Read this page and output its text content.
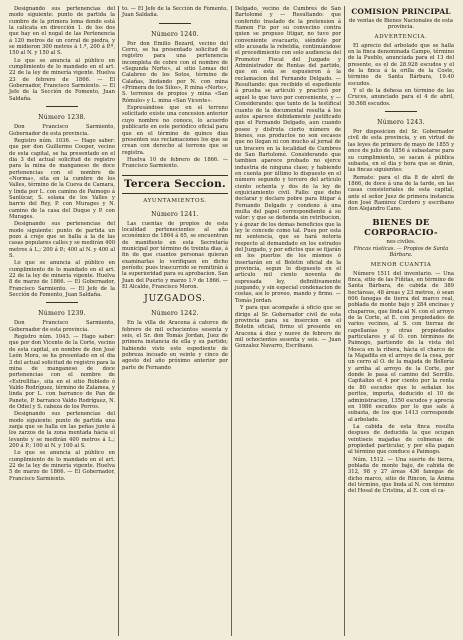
Designando sus pertenencias del modo siguiente: punto de partida la cumbre de la primera loma donde está la calicata en dirección 1. de los dos que hay en el nogal de las Pertenencia á 120 metros de un corral de piedra, y se midieron 300 metros á 1.ª, 200 á P.ª, 150 al N. y 150 al S.
Lo que se anuncia al público en cumplimiento de lo mandado en el art. 22 de la ley de minería vigente. Huelva 23 de febrero de 1866. — El Gobernador, Francisco Sarmiento. — El Jefe de la Sección de Fomento, Juan Saldaña.
Número 1238.
Don Francisco Sarmiento, Gobernador de esta provincia.
Registro núm. 1036. — Hago saber: que por don Guillermo Cooper, vecino de esta capital, se ha presentado en el dia 3 del actual solicitud de registro para la mina de manganeso de doce pertenencias con el nombre de «Norma», sita en la cumbre de los Valles, término de la Cueva de Camara, y linda por L. con camino de Paimogo á Sanlúcar, S. solana de los Valles y barrio del Rey, P. con Murages y N. camino de la casa del Duque y P. con Murages.
Designando sus pertenencias del modo siguiente: punto de partida un pozo á crejo que se halla á la de las casas populares calles y se medirán 400 metros á L.; 200 á P.; 400 al N. y 400 al S.
Lo que se anuncia al público en cumplimiento de lo mandado en el art. 22 de la ley de minería vigente. Huelva 8 de marzo de 1866. — El Gobernador, Francisco Sarmiento. — El Jefe de la Sección de Fomento, Juan Saldaña.
Número 1239.
Don Francisco Sarmiento, Gobernador de esta provincia.
Registro núm. 1043. — Hago saber: que por don Vicente de la Corte, vecino de esta capital, en nombre de don José León Mora, se ha presentado en el dia 3 del actual solicitud de registro para la mina de manganeso de doce pertenencias con el nombre de «Estrellita», sita en el sitio Robledo ó Valdo Rodríguez, término de Zalamea, y linda por L. con barranco de Pan de Panete, P. barranco Valdo Rodríguez, N. de Odiel y S. cabeza de los Perros.
Designando sus pertenencias del modo siguiente: punto de partida una zanja que se halla en las peñas junto á los zarzos de la zona mentada hácia el levante y se medirán 400 metros á L.; 200 á P.; 100 al N. y 100 al S.
Lo que se anuncia al público en cumplimiento de lo mandado en el art. 22 de la ley de minería vigente. Huelva 5 de marzo de 1866. — El Gobernador, Francisco Sarmiento.
to. — El Jefe de la Sección de Fomento, Juan Saldaña.
Número 1240.
Por don Emilio Bezard, vecino del Cerro, se ha presentado solicitud de registro para una pertenencia incompleta de cobre con el nombre de «Segunda Norte», al sitio Lomas del Calabreo de los Sotos, término de Calañas, lindando por N. con mina «Primera de los Silos», P. mina «Norte», S. terrenos de propios y mina «San Rómulo» y L. mina «San Vicente».
Espresándose que en el terreno solicitado existe una concesion anterior cuyo nombre no conoce, lo acuerdo publicarlo en este periódico oficial para que en el término de quince dias presenten sus reclamaciones los que se crean con derecho al terreno que se registra.
Huelva 10 de febrero de 1866. — Francisco Sarmiento.
Tercera Seccion.
AYUNTAMIENTOS.
Número 1241.
Las cuentas de propios de esta localidad pertenecientes al año económico de 1864 á 65, se encuentran de manifiesto en esta Secretaría municipal por término de treinta dias, á fin de que cuantos personas quieran examinarlas lo verifiquen en dicho período; pues trascurrido se remitirán á la superioridad para su aprobacion. San Juan del Puerto y marzo 1.º de 1866. — El Alcalde, Francisco Moron.
JUZGADOS.
Número 1242.
En la villa de Aracena á catorce de febrero de mil ochocientos sesenta y seis, el Sr. don Tomás Jordan, Juez de primera instancia de ella y su partido; habiendo visto este espediente de pobreza incoado en veinte y cinco de agosto del año próximo anterior por parte de Fernando
Delgado, vecino de Cumbres de San Bartolomé y — Resultando: que conferido traslado de la pretension á Ramon Fiz por su convecino contra quien se propuso litigar, no tuvo por conveniente evacuarlo, siéndole por ello acusada la rebeldía, continuándose el procedimiento con solo audiencia del Promotor Fiscal del Juzgado y Administrador de Rentas del partido, que en esta se espusieron á la reclamacion del Fernando Delgado. — Resultando: que recibido el espediente á prueba se articuló y practicó por aquel lo que tuvo por conveniente, y — Considerando: que tanto de la testifical cuanto de la documental resulta á los autos aparece debidamente justificado que el Fernando Delgado, aun cuando posee y disfruta cierto número de bienes, sus productos no son escasos que no llegan ni con mucho al jornal de un bracero en la localidad de Cumbres de San Bartolomé. Considerando que tambien aparece probado no ejerce industria de ninguna clase; y habiendo en cuenta por último lo dispuesto en el número segundo y tercero del artículo ciento ochenta y dos de la ley de enjuiciamiento civil. Fallo: que debo declarar y declaro pobre para litigar á Fernando Delgado y condeno á una multa del papel correspondiente á su valor: y que se defienda sin retribucion, y á gozar de los demas beneficios que la ley le concede como tal. Pues por esta mi sentencia, que se hará notoria respecto al demandado en los estrados del Juzgado, y por edictos que se fijarán en los puertos de los mismos ó insertarán en el Boletin oficial de la provincia, segun lo dispuesto en el artículo mil ciento noventa de espresada ley, definitivamente juzgando, y sin especial condenacion de costas, así lo proveo, mando y firmo. — Tomás Jordan.
Y para que acompañe á oficio que se dirige al Sr. Gobernador civil de esta provincia para su insercion en el Boletin oficial, firmo el presente en Aracena á diez y nueve de febrero de mil ochocientos sesenta y seis. — Juan Gonzalez Navarro, Escribano.
COMISION PRINCIPAL
de ventas de Bienes Nacionales de esta provincia.
ADVERTENCIA.
El aprecio del arbolado que se halla en la finca denominada Campo, término de la Pueblo, anunciada para el 13 del presente, es el de 28.928 escudos y el de la finca á la orilla de la Coste, término de Santa Bárbara, 19.40 escudos.
Y el de la dehesa en término de las Cruces, anunciado para el 4 de abril, 30.568 escudos.
Número 1243.
Por disposicion del Sr. Gobernador civil de esta provincia, y en virtud de las leyes de primero de mayo de 1855 y once de julio de 1856 á subastarse para su cumplimiento, se sacan á pública subasta, en el dia y hora que se dirán, las fincas siguientes:
Remate: para el dia 8 de abril de 1866, de doce á una de la tarde, en las casas consistoriales de esta capital, ante el señor Juez de primera instancia don José Ramirez Cordero y escribano don Alejandro Cano.
BIENES DE CORPORACIO-
nes civiles.
Fincas rústicas. — Propios de Santa Bárbara.
MENOR CUANTIA
Número 1511 del inventario. — Una finca, sitio de las Fiñitas, en término de Santa Bárbara, de cabida de 389 hectáreas, 48 áreas y 23 metros, ó sean 606 fanegas de tierra del marco real, poblada de monte bajo y 284 encinas y chaparros, que linda al N. con el arroyo de la Corte, al E. con propiedades de varios vecinos, al S. con tierras de capellanías y otras propiedades particulares y al O. con términos de Paimogo, partiendo de la vista del Mosca en la ribera, hácia el charco de la Majadita en el arroyo de la cosa, por un cerro al O. de la majada de Bollería y arriba al arroyo de la Corte, por donde le pasa el camino del Serrillo. Capitalizo el 4 por ciento por la renta de 80 escudos que le señalan los peritos, importa, deducido el 10 de administracion, 1350 escudos y aprecia en 1986 escudos por lo que sale á subasta, de los que 1413 corresponde al arbolado.
La cabida de esta finca resulta despues de deducida la que ocupan veintiseis majadas de colmenas de propiedad particular, y por ella pagan al término que conduce á Paimogo.
Núm. 1512. — Una suerte de tierra, poblada de monte bajo, de cabida de 312, 98 y 27 áreas 436 fanegas de dicho marco, sitio de Rincon, la Ánima del término, que linda al N. con término del Hosal de Cristina, al E. con el ca-
